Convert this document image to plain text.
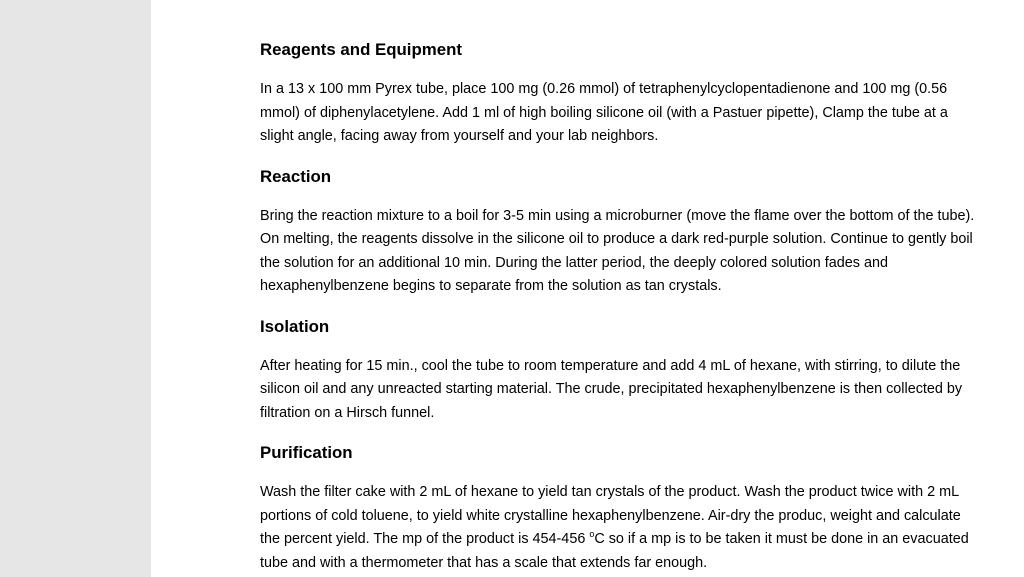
Reagents and Equipment

In a 13 x 100 mm Pyrex tube, place 100 mg (0.26 mmol) of tetraphenylcyclopentadienone and 100 mg (0.56 mmol) of diphenylacetylene. Add 1 ml of high boiling silicone oil (with a Pastuer pipette), Clamp the tube at a slight angle, facing away from yourself and your lab neighbors.

Reaction

Bring the reaction mixture to a boil for 3-5 min using a microburner (move the flame over the bottom of the tube). On melting, the reagents dissolve in the silicone oil to produce a dark red-purple solution. Continue to gently boil the solution for an additional 10 min. During the latter period, the deeply colored solution fades and hexaphenylbenzene begins to separate from the solution as tan crystals.

Isolation

After heating for 15 min., cool the tube to room temperature and add 4 mL of hexane, with stirring, to dilute the silicon oil and any unreacted starting material. The crude, precipitated hexaphenylbenzene is then collected by filtration on a Hirsch funnel.

Purification

Wash the filter cake with 2 mL of hexane to yield tan crystals of the product. Wash the product twice with 2 mL portions of cold toluene, to yield white crystalline hexaphenylbenzene. Air-dry the produc, weight and calculate the percent yield. The mp of the product is 454-456 $^o$C so if a mp is to be taken it must be done in an evacuated tube and with a thermometer that has a scale that extends far enough.
